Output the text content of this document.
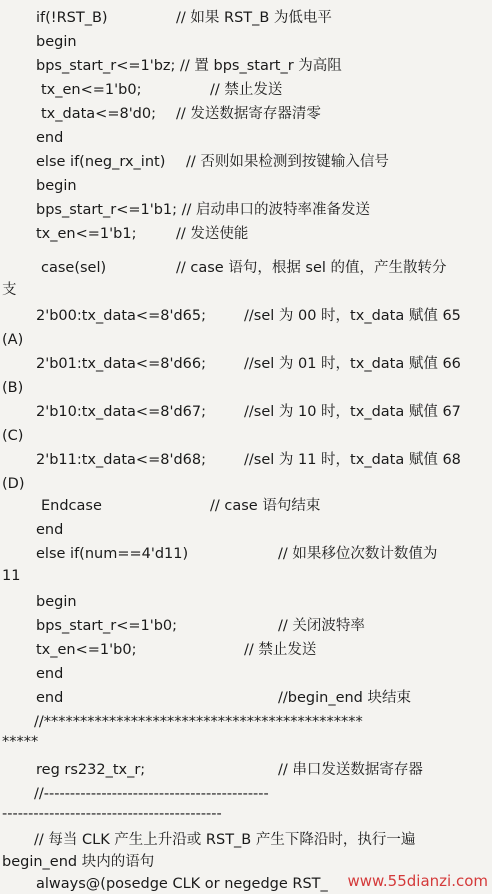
if(!RST_B)	// 如果 RST_B 为低电平
begin
bps_start_r<=1'bz; // 置 bps_start_r 为高阻
tx_en<=1'b0;	// 禁止发送
tx_data<=8'd0; // 发送数据寄存器清零
end
else if(neg_rx_int) // 否则如果检测到按键输入信号
begin
bps_start_r<=1'b1; // 启动串口的波特率准备发送
tx_en<=1'b1;	// 发送使能
case(sel)	// case 语句，根据 sel 的值，产生散转分
支
2'b00:tx_data<=8'd65;	//sel 为 00 时，tx_data 赋值 65
(A)
2'b01:tx_data<=8'd66;	//sel 为 01 时，tx_data 赋值 66
(B)
2'b10:tx_data<=8'd67;	//sel 为 10 时，tx_data 赋值 67
(C)
2'b11:tx_data<=8'd68;	//sel 为 11 时，tx_data 赋值 68
(D)
Endcase	// case 语句结束
end
else if(num==4'd11)	// 如果移位次数计数值为
11
begin
bps_start_r<=1'b0;	// 关闭波特率
tx_en<=1'b0;	// 禁止发送
end
end	//begin_end 块结束
//********************************************
*****
reg rs232_tx_r;	// 串口发送数据寄存器
//-------------------------------------------
------------------------------------------
// 每当 CLK 产生上升沿或 RST_B 产生下降沿时，执行一遍
begin_end 块内的语句
always@(posedge CLK or negedge RST_ www.55dianzi.com
